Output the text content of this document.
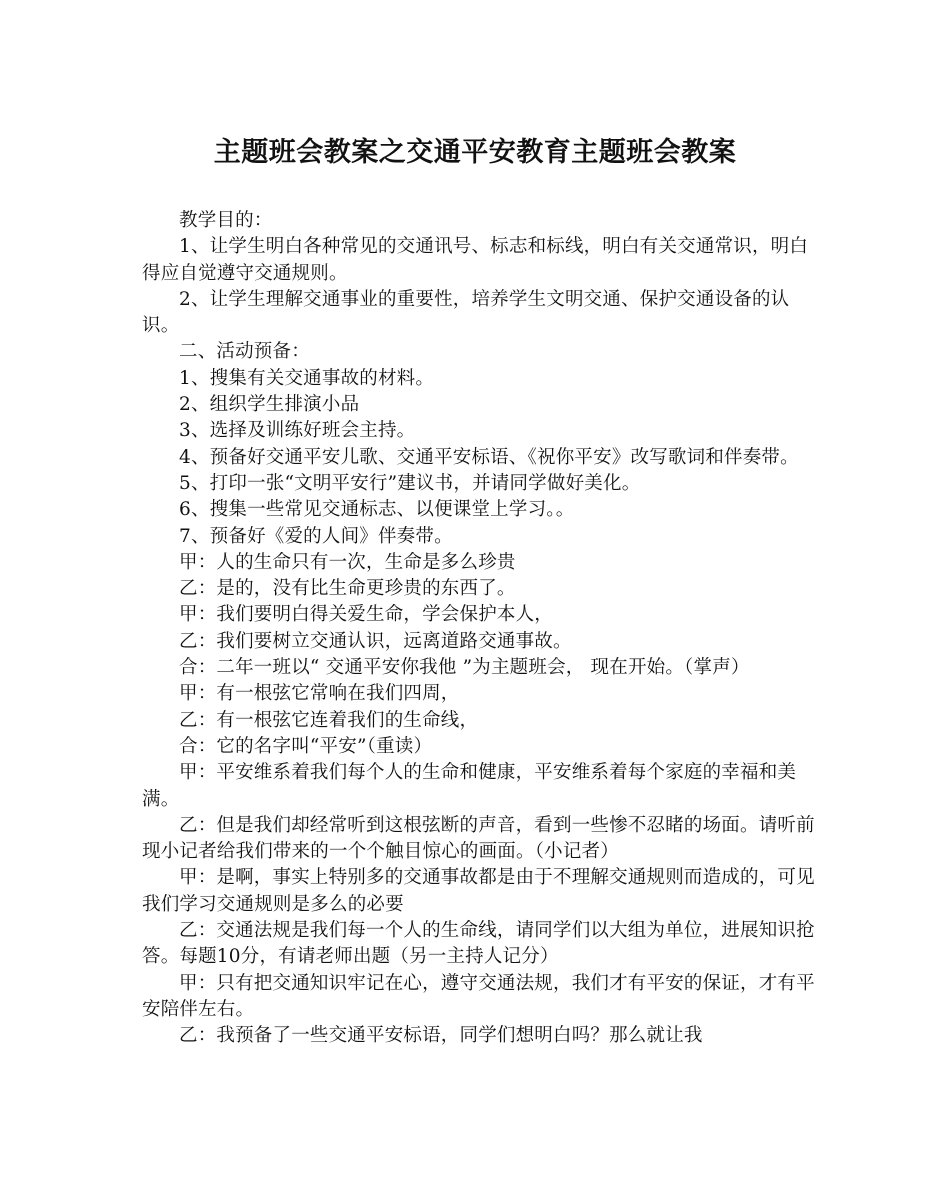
主题班会教案之交通平安教育主题班会教案

教学目的：

1、让学生明白各种常见的交通讯号、标志和标线，明白有关交通常识，明白得应自觉遵守交通规则。

2、让学生理解交通事业的重要性，培养学生文明交通、保护交通设备的认识。

二、活动预备：

1、搜集有关交通事故的材料。

2、组织学生排演小品

3、选择及训练好班会主持。

4、预备好交通平安儿歌、交通平安标语、《祝你平安》改写歌词和伴奏带。

5、打印一张“文明平安行”建议书，并请同学做好美化。

6、搜集一些常见交通标志、以便课堂上学习。。

7、预备好《爱的人间》伴奏带。

甲：人的生命只有一次，生命是多么珍贵

乙：是的，没有比生命更珍贵的东西了。

甲：我们要明白得关爱生命，学会保护本人，

乙：我们要树立交通认识，远离道路交通事故。

合：二年一班以“ 交通平安你我他 ”为主题班会， 现在开始。（掌声）

甲：有一根弦它常响在我们四周，

乙：有一根弦它连着我们的生命线，

合：它的名字叫“平安”（重读）

甲：平安维系着我们每个人的生命和健康，平安维系着每个家庭的幸福和美满。

乙：但是我们却经常听到这根弦断的声音，看到一些惨不忍睹的场面。请听前现小记者给我们带来的一个个触目惊心的画面。（小记者）

甲：是啊，事实上特别多的交通事故都是由于不理解交通规则而造成的，可见我们学习交通规则是多么的必要

乙：交通法规是我们每一个人的生命线，请同学们以大组为单位，进展知识抢答。每题10分，有请老师出题（另一主持人记分）

甲：只有把交通知识牢记在心，遵守交通法规，我们才有平安的保证，才有平安陪伴左右。

乙：我预备了一些交通平安标语，同学们想明白吗？那么就让我
